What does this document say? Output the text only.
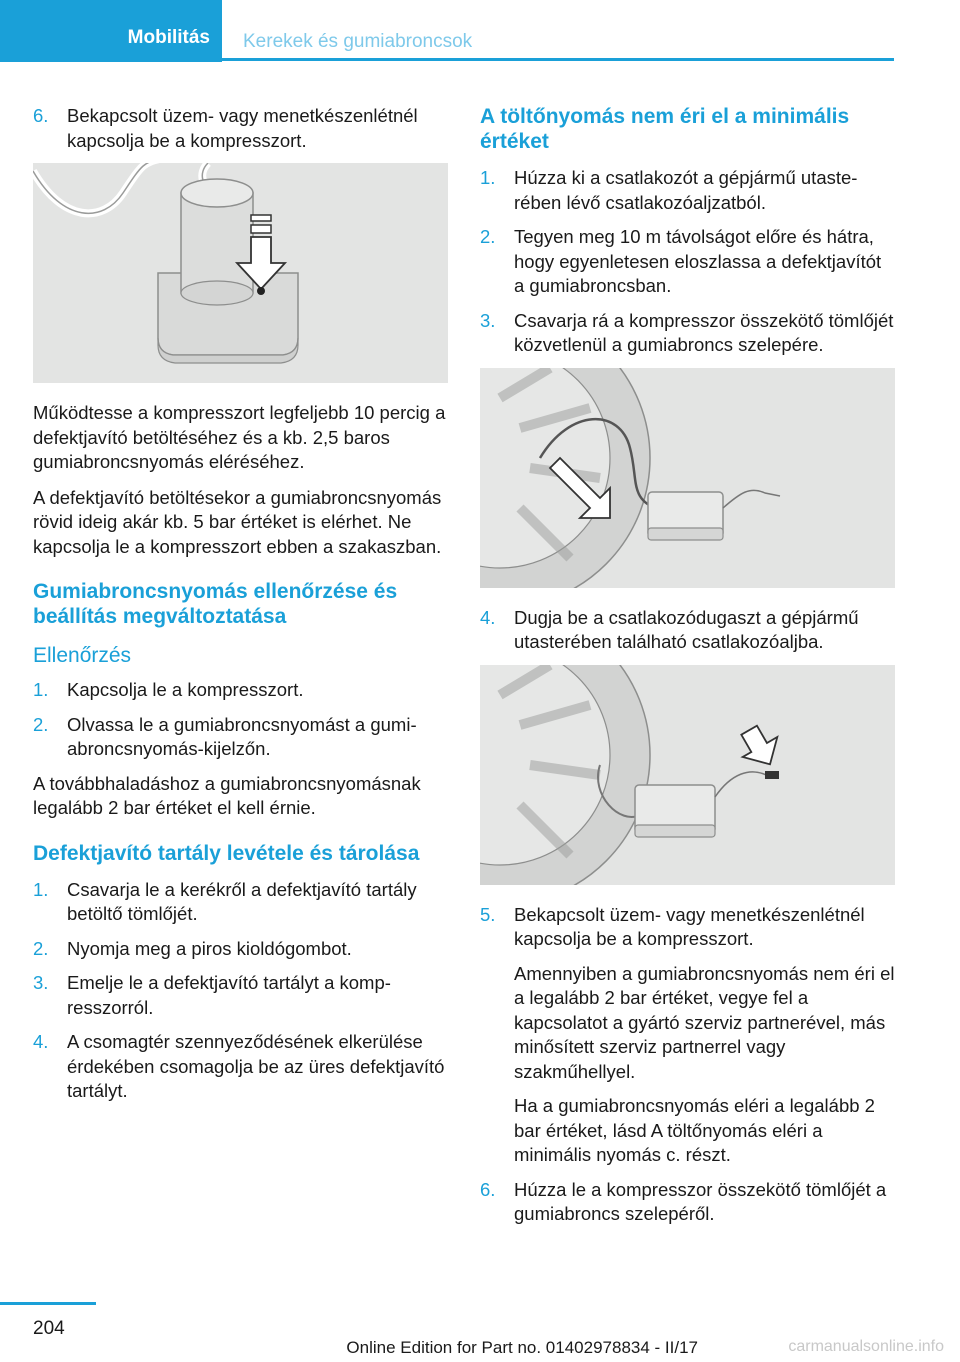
Mobilitás	Kerekek és gumiabroncsok
6.	Bekapcsolt üzem- vagy menetkészenlétnél kapcsolja be a kompresszort.

Működtesse a kompresszort legfeljebb 10 percig a defektjavító betöltéséhez és a kb. 2,5 baros gumiabroncsnyomás eléréséhez.

A defektjavító betöltésekor a gumiabroncsnyomás rövid ideig akár kb. 5 bar értéket is elérhet. Ne kapcsolja le a kompresszort ebben a szakaszban.

Gumiabroncsnyomás ellenőrzése és beállítás megváltoztatása
Ellenőrzés
1.	Kapcsolja le a kompresszort.
2.	Olvassa le a gumiabroncsnyomást a gumiabroncsnyomás-kijelzőn.

A továbbhaladáshoz a gumiabroncsnyomásnak legalább 2 bar értéket el kell érnie.

Defektjavító tartály levétele és tárolása
1.	Csavarja le a kerékről a defektjavító tartály betöltő tömlőjét.
2.	Nyomja meg a piros kioldógombot.
3.	Emelje le a defektjavító tartályt a kompresszorról.
4.	A csomagtér szennyeződésének elkerülése érdekében csomagolja be az üres defektjavító tartályt.
A töltőnyomás nem éri el a minimális értéket
1.	Húzza ki a csatlakozót a gépjármű utasterében lévő csatlakozóaljzatból.
2.	Tegyen meg 10 m távolságot előre és hátra, hogy egyenletesen eloszlassa a defektjavítót a gumiabroncsban.
3.	Csavarja rá a kompresszor összekötő tömlőjét közvetlenül a gumiabroncs szelepére.
4.	Dugja be a csatlakozódugaszt a gépjármű utasterében található csatlakozóaljba.
5.	Bekapcsolt üzem- vagy menetkészenlétnél kapcsolja be a kompresszort.
Amennyiben a gumiabroncsnyomás nem éri el a legalább 2 bar értéket, vegye fel a kapcsolatot a gyártó szerviz partnerével, más minősített szerviz partnerrel vagy szakműhellyel.
Ha a gumiabroncsnyomás eléri a legalább 2 bar értéket, lásd A töltőnyomás eléri a minimális nyomás c. részt.
6.	Húzza le a kompresszor összekötő tömlőjét a gumiabroncs szelepéről.
204
Online Edition for Part no. 01402978834 - II/17	carmanualsonline.info
